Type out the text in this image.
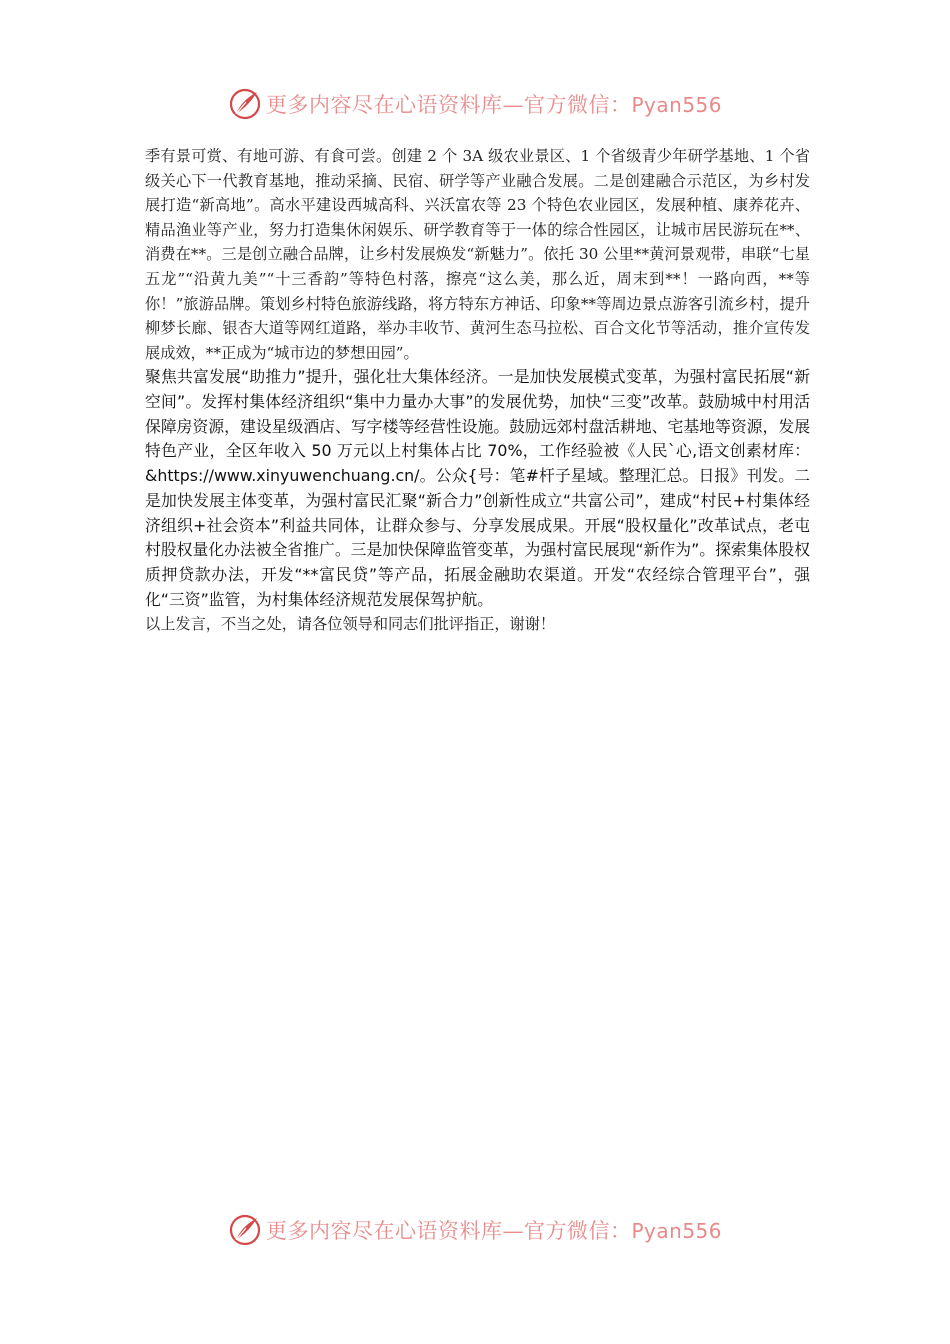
更多内容尽在心语资料库—官方微信：Pyan556

季有景可赏、有地可游、有食可尝。创建 2 个 3A 级农业景区、1 个省级青少年研学基地、1 个省级关心下一代教育基地，推动采摘、民宿、研学等产业融合发展。二是创建融合示范区，为乡村发展打造“新高地”。高水平建设西城高科、兴沃富农等 23 个特色农业园区，发展种植、康养花卉、精品渔业等产业，努力打造集休闲娱乐、研学教育等于一体的综合性园区，让城市居民游玩在**、消费在**。三是创立融合品牌，让乡村发展焕发“新魅力”。依托 30 公里**黄河景观带，串联“七星五龙”“沿黄九美”“十三香韵”等特色村落，擦亮“这么美，那么近，周末到**！一路向西，**等你！”旅游品牌。策划乡村特色旅游线路，将方特东方神话、印象**等周边景点游客引流乡村，提升柳梦长廊、银杏大道等网红道路，举办丰收节、黄河生态马拉松、百合文化节等活动，推介宣传发展成效，**正成为“城市边的梦想田园”。

聚焦共富发展“助推力”提升，强化壮大集体经济。一是加快发展模式变革，为强村富民拓展“新空间”。发挥村集体经济组织“集中力量办大事”的发展优势，加快“三变”改革。鼓励城中村用活保障房资源，建设星级酒店、写字楼等经营性设施。鼓励远郊村盘活耕地、宅基地等资源，发展特色产业，全区年收入 50 万元以上村集体占比 70%，工作经验被《人民`心,语文创素材库：&https://www.xinyuwenchuang.cn/。公众{号：笔#杆子星域。整理汇总。日报》刊发。二是加快发展主体变革，为强村富民汇聚“新合力”创新性成立“共富公司”，建成“村民+村集体经济组织+社会资本”利益共同体，让群众参与、分享发展成果。开展“股权量化”改革试点，老屯村股权量化办法被全省推广。三是加快保障监管变革，为强村富民展现“新作为”。探索集体股权质押贷款办法，开发“**富民贷”等产品，拓展金融助农渠道。开发“农经综合管理平台”，强化“三资”监管，为村集体经济规范发展保驾护航。

以上发言，不当之处，请各位领导和同志们批评指正，谢谢！

更多内容尽在心语资料库—官方微信：Pyan556
